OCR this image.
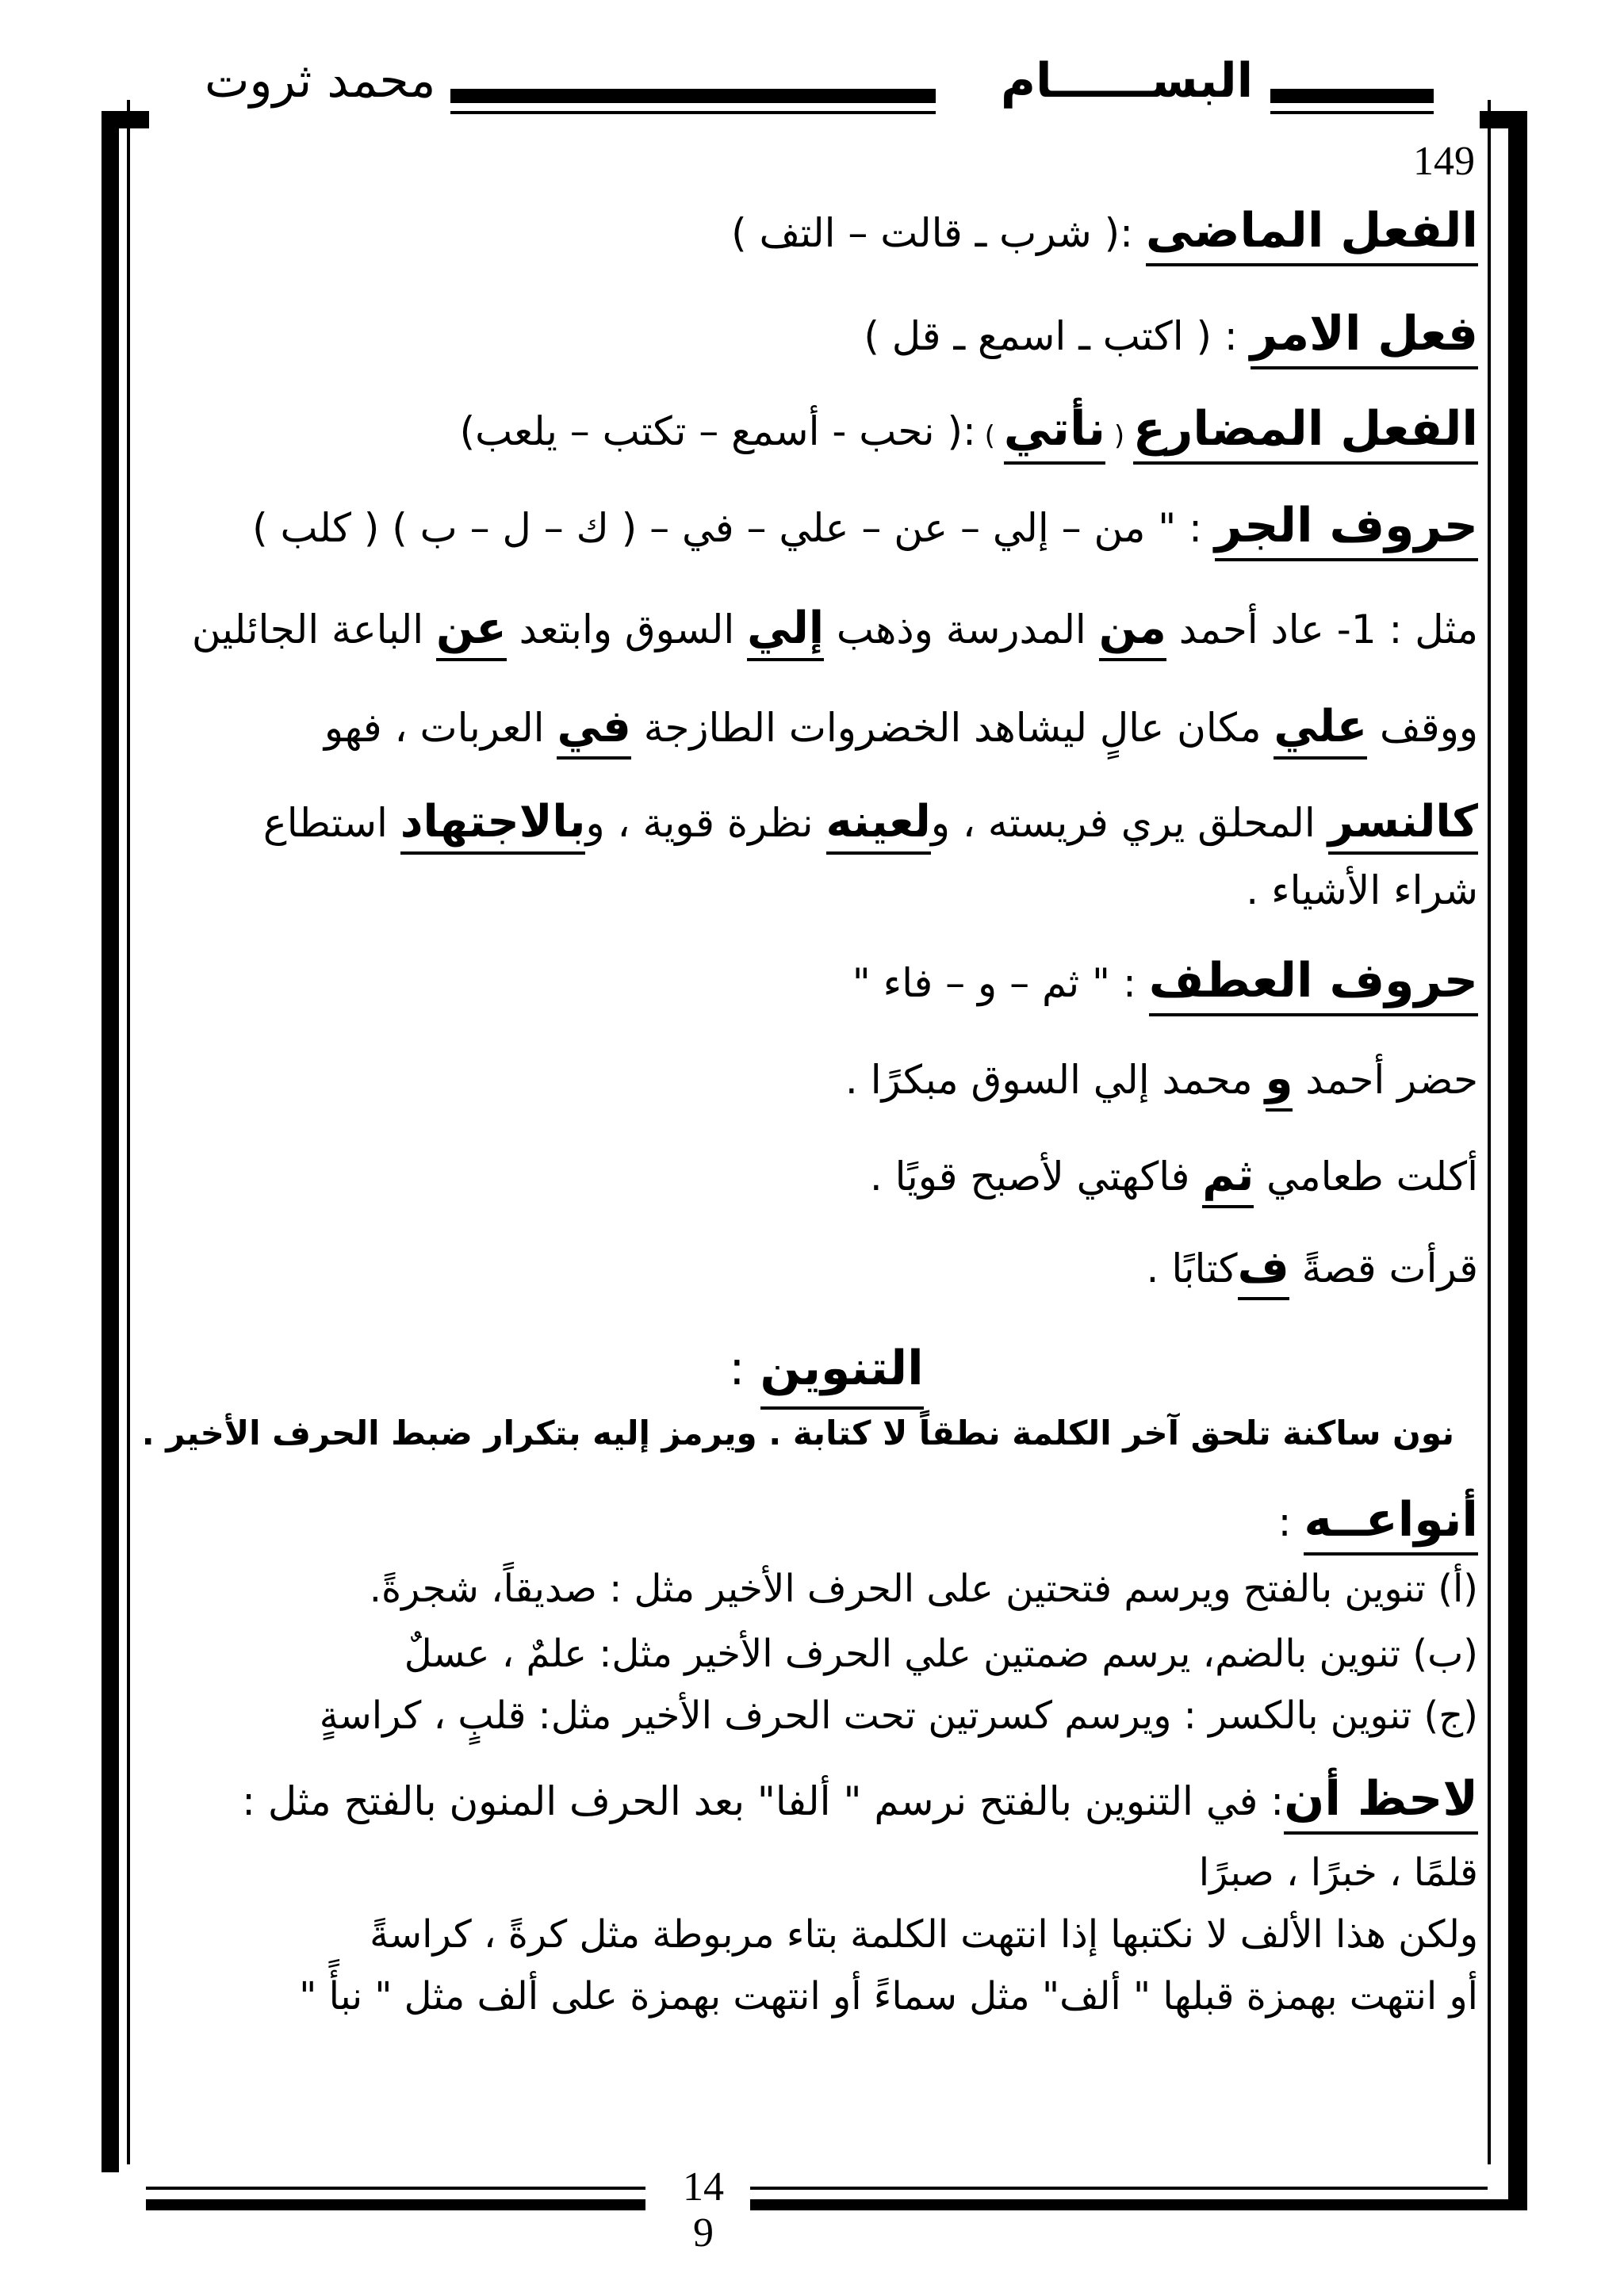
محمد ثروت	البســــــام
149
الفعل الماضى :( شرب ـ قالت – التف )
فعل الامر : ( اكتب ـ اسمع ـ قل )
الفعل المضارع ( نأتي ) :( نحب - أسمع – تكتب – يلعب)
حروف الجر : " من – إلي – عن – علي – في – ( ك – ل – ب ) ( كلب )
مثل : 1- عاد أحمد من المدرسة وذهب إلي السوق وابتعد عن الباعة الجائلين
ووقف علي مكان عالٍ ليشاهد الخضروات الطازجة في العربات ، فهو
كالنسر المحلق يري فريسته ، ولعينه نظرة قوية ، وبالاجتهاد استطاع
شراء الأشياء .
حروف العطف : " ثم – و – فاء "
حضر أحمد و محمد إلي السوق مبكرًا .
أكلت طعامي ثم فاكهتي لأصبح قويًا .
قرأت قصةً فكتابًا .
التنوين :
نون ساكنة تلحق آخر الكلمة نطقاً لا كتابة . ويرمز إليه بتكرار ضبط الحرف الأخير .
أنواعــه :
(أ) تنوين بالفتح ويرسم فتحتين على الحرف الأخير مثل : صديقاً، شجرةً.
(ب) تنوين بالضم، يرسم ضمتين علي الحرف الأخير مثل: علمٌ ، عسلٌ
(ج) تنوين بالكسر : ويرسم كسرتين تحت الحرف الأخير مثل: قلبٍ ، كراسةٍ
لاحظ أن: في التنوين بالفتح نرسم " ألفا" بعد الحرف المنون بالفتح مثل :
قلمًا ، خبرًا ، صبرًا
ولكن هذا الألف لا نكتبها إذا انتهت الكلمة بتاء مربوطة مثل كرةً ، كراسةً
أو انتهت بهمزة قبلها " ألف" مثل سماءً أو انتهت بهمزة على ألف مثل " نبأً "
14
9
